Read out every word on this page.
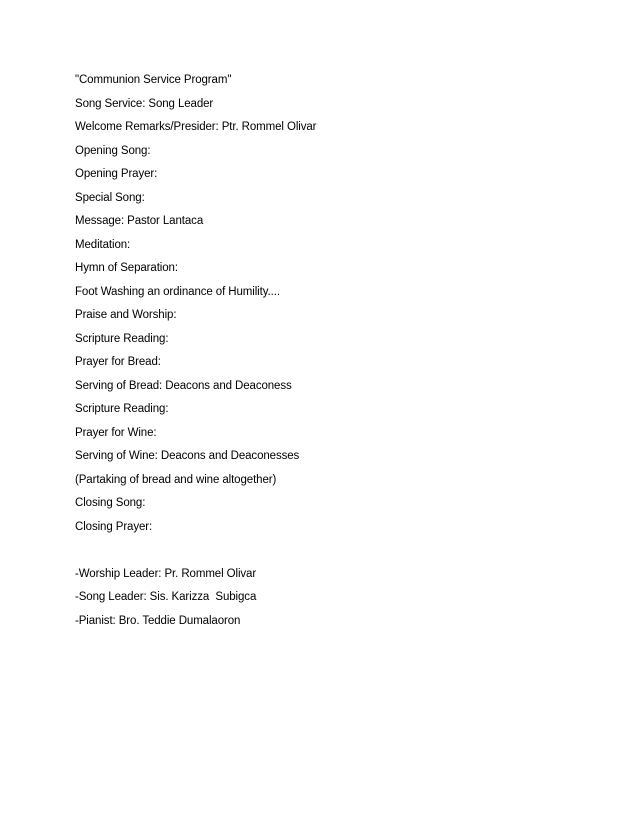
"Communion Service Program"
Song Service: Song Leader
Welcome Remarks/Presider: Ptr. Rommel Olivar
Opening Song:
Opening Prayer:
Special Song:
Message: Pastor Lantaca
Meditation:
Hymn of Separation:
Foot Washing an ordinance of Humility....
Praise and Worship:
Scripture Reading:
Prayer for Bread:
Serving of Bread: Deacons and Deaconess
Scripture Reading:
Prayer for Wine:
Serving of Wine: Deacons and Deaconesses
(Partaking of bread and wine altogether)
Closing Song:
Closing Prayer:
-Worship Leader: Pr. Rommel Olivar
-Song Leader: Sis. Karizza  Subigca
-Pianist: Bro. Teddie Dumalaoron
